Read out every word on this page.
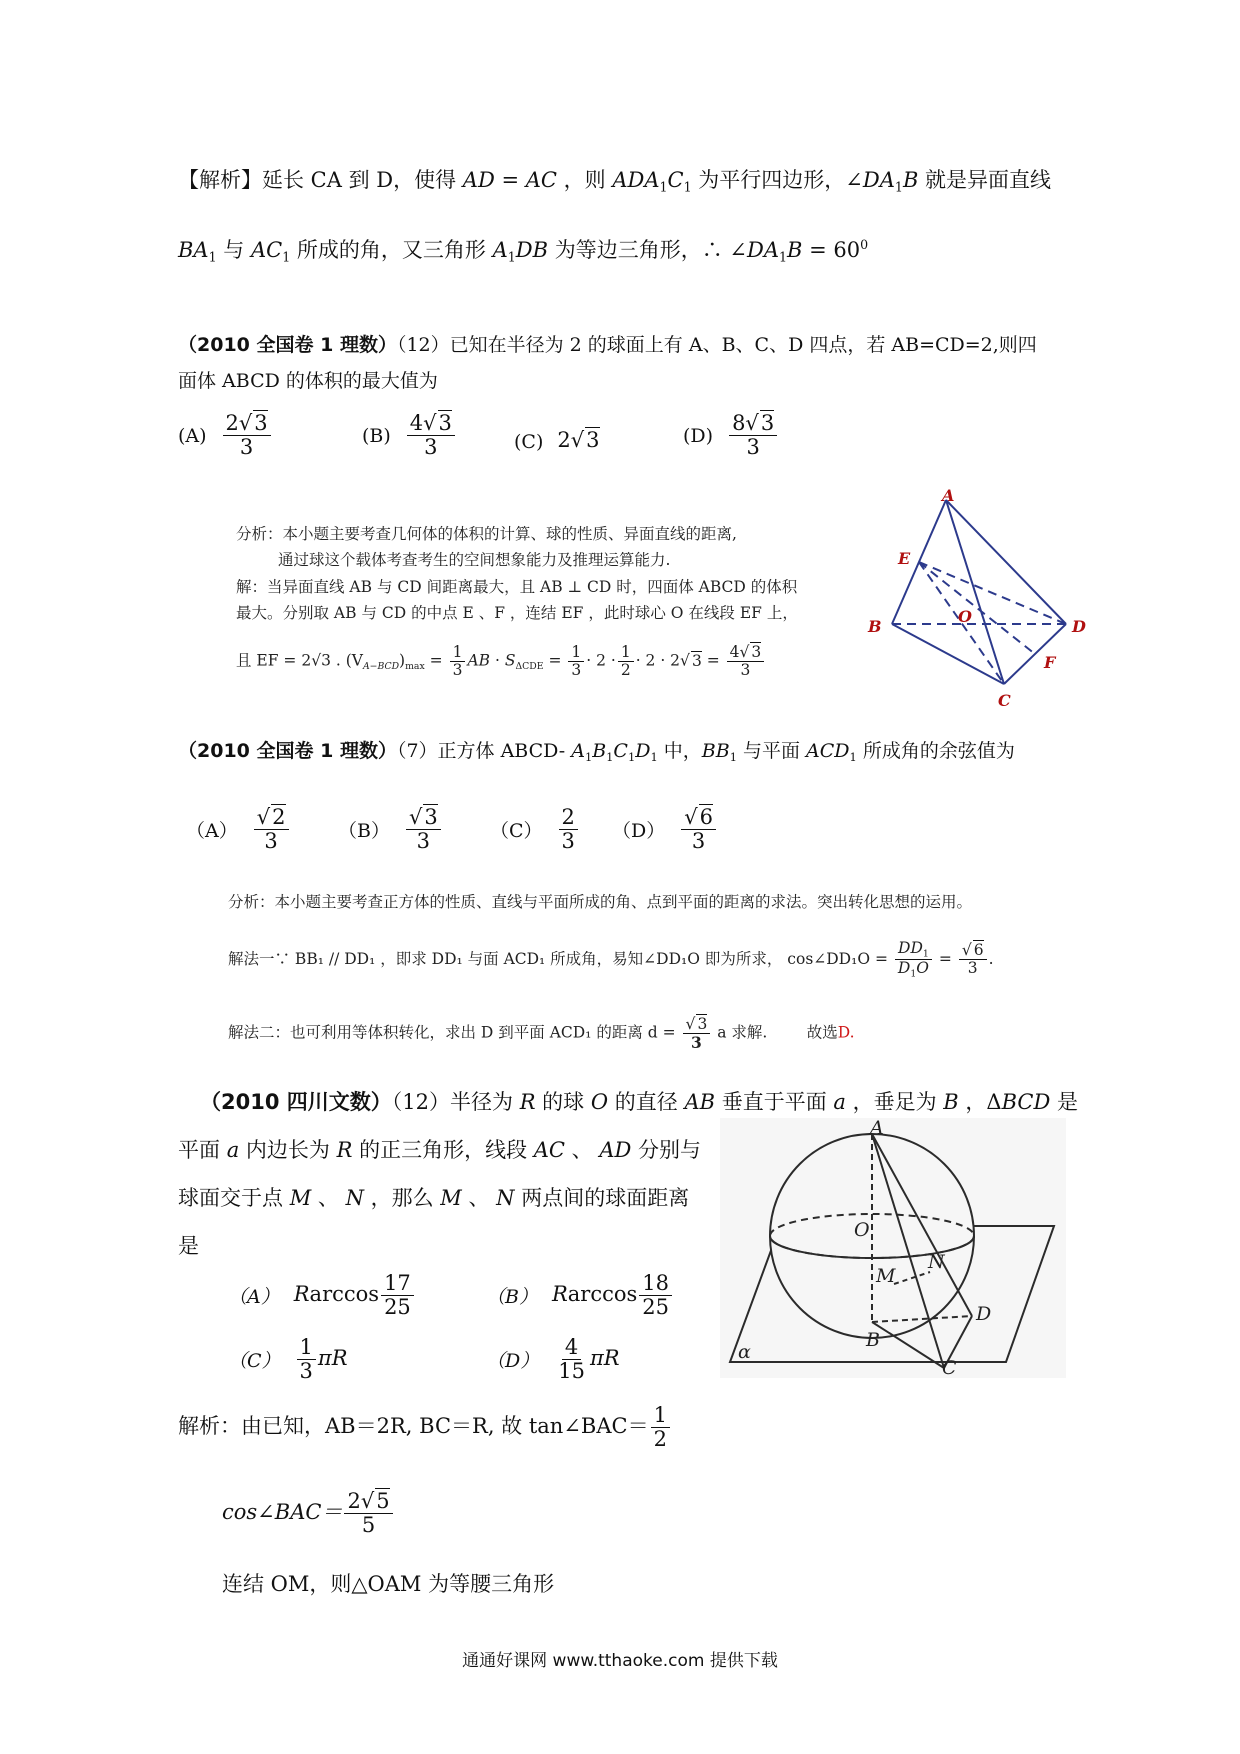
【解析】延长 CA 到 D，使得 AD = AC ，则 $ADA_1C_1$ 为平行四边形，$\angle DA_1B$ 就是异面直线
$BA_1$ 与 $AC_1$ 所成的角，又三角形 $A_1DB$ 为等边三角形，∴ $\angle DA_1B = 60^0$
（2010 全国卷 1 理数）（12）已知在半径为 2 的球面上有 A、B、C、D 四点，若 AB=CD=2,则四
面体 ABCD 的体积的最大值为
$(A) \frac{2√3}{3}$	$(B) \frac{4√3}{3}$	(C) 2√3	$(D) \frac{8√3}{3}$
分析：本小题主要考查几何体的体积的计算、球的性质、异面直线的距离,
通过球这个载体考查考生的空间想象能力及推理运算能力.
解：当异面直线 AB 与 CD 间距离最大，且 AB ⊥ CD 时，四面体 ABCD 的体积
最大。分别取 AB 与 CD 的中点 E 、F ，连结 EF ，此时球心 O 在线段 EF 上，
且 EF = 2√3 . $(V_{A-BCD})_{max} = \frac{1}{3}$ AB · $S_{\Delta CDE} = \frac{1}{3} \cdot 2 \cdot \frac{1}{2} \cdot 2 \cdot 2√$ $3 = \frac{4√ 3}{3}$
A
E
B
O
D
F
C
（2010 全国卷 1 理数）（7）正方体 ABCD- $A_1B_1C_1D_1$ 中，$BB_1$ 与平面 $ACD_1$ 所成角的余弦值为
$(A) \frac{√2}{3}$	$(B) \frac{√3}{3}$	$(C) \frac{2}{3} (D) \frac{√6}{3}$
分析：本小题主要考查正方体的性质、直线与平面所成的角、点到平面的距离的求法。突出转化思想的运用。
解法一∵ BB₁ // DD₁ ，即求 DD₁ 与面 ACD₁ 所成角，易知∠DD₁O 即为所求， cos∠DD₁O = $\frac{DD_1}{D_1O} = \frac{√ 6}{3}$ .
解法二：也可利用等体积转化，求出 D 到平面 ACD₁ 的距离 $d = \frac{√ 3}{3}$ a 求解.	故选D.
（2010 四川文数）（12）半径为 R 的球 O 的直径 AB 垂直于平面 a ，垂足为 B ，ΔBCD 是
平面 a 内边长为 R 的正三角形，线段 AC 、 AD 分别与
球面交于点 M 、 N ，那么 M 、 N 两点间的球面距离
是
（A） Rarccos $\frac{17}{25}$	（B） Rarccos $\frac{18}{25}$
$(C) \frac{1}{3}$ πR	$(D) \frac{4}{15}$ πR
解析：由已知，AB＝2R, BC＝R, 故 tan∠BAC＝ $\frac{1}{2}$
cos∠BAC＝ $\frac{2√5}{5}$
连结 OM，则△OAM 为等腰三角形
A
O
N
M
B
D
C
α
通通好课网 www.tthaoke.com 提供下载
